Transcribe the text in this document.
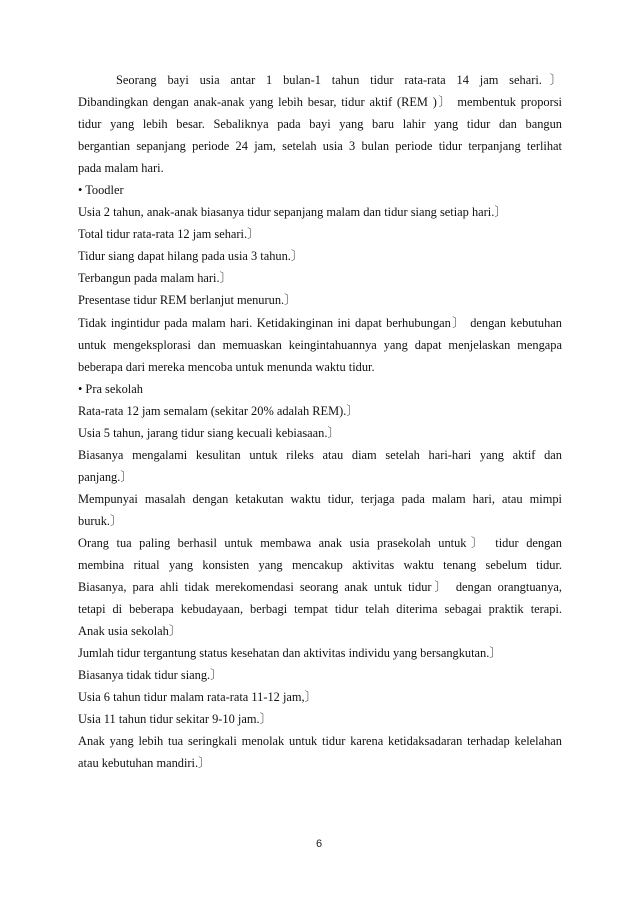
Seorang bayi usia antar 1 bulan-1 tahun tidur rata-rata 14 jam sehari.〕

Dibandingkan dengan anak-anak yang lebih besar, tidur aktif (REM )〕 membentuk proporsi

tidur yang lebih besar. Sebaliknya pada bayi yang baru lahir yang tidur dan bangun

bergantian sepanjang periode 24 jam, setelah usia 3 bulan periode tidur terpanjang terlihat

pada malam hari.

• Toodler

Usia 2 tahun, anak-anak biasanya tidur sepanjang malam dan tidur siang setiap hari.〕

Total tidur rata-rata 12 jam sehari.〕

Tidur siang dapat hilang pada usia 3 tahun.〕

Terbangun pada malam hari.〕

Presentase tidur REM berlanjut menurun.〕

Tidak ingintidur pada malam hari. Ketidakinginan ini dapat berhubungan〕 dengan kebutuhan

untuk mengeksplorasi dan memuaskan keingintahuannya yang dapat menjelaskan mengapa

beberapa dari mereka mencoba untuk menunda waktu tidur.

• Pra sekolah

Rata-rata 12 jam semalam (sekitar 20% adalah REM).〕

Usia 5 tahun, jarang tidur siang kecuali kebiasaan.〕

Biasanya mengalami kesulitan untuk rileks atau diam setelah hari-hari yang aktif dan

panjang.〕

Mempunyai masalah dengan ketakutan waktu tidur, terjaga pada malam hari, atau mimpi

buruk.〕

Orang tua paling berhasil untuk membawa anak usia prasekolah untuk〕 tidur dengan

membina ritual yang konsisten yang mencakup aktivitas waktu tenang sebelum tidur.

Biasanya, para ahli tidak merekomendasi seorang anak untuk tidur〕 dengan orangtuanya,

tetapi di beberapa kebudayaan, berbagi tempat tidur telah diterima sebagai praktik terapi.

Anak usia sekolah〕

Jumlah tidur tergantung status kesehatan dan aktivitas individu yang bersangkutan.〕

Biasanya tidak tidur siang.〕

Usia 6 tahun tidur malam rata-rata 11-12 jam,〕

Usia 11 tahun tidur sekitar 9-10 jam.〕

Anak yang lebih tua seringkali menolak untuk tidur karena ketidaksadaran terhadap kelelahan

atau kebutuhan mandiri.〕

6
